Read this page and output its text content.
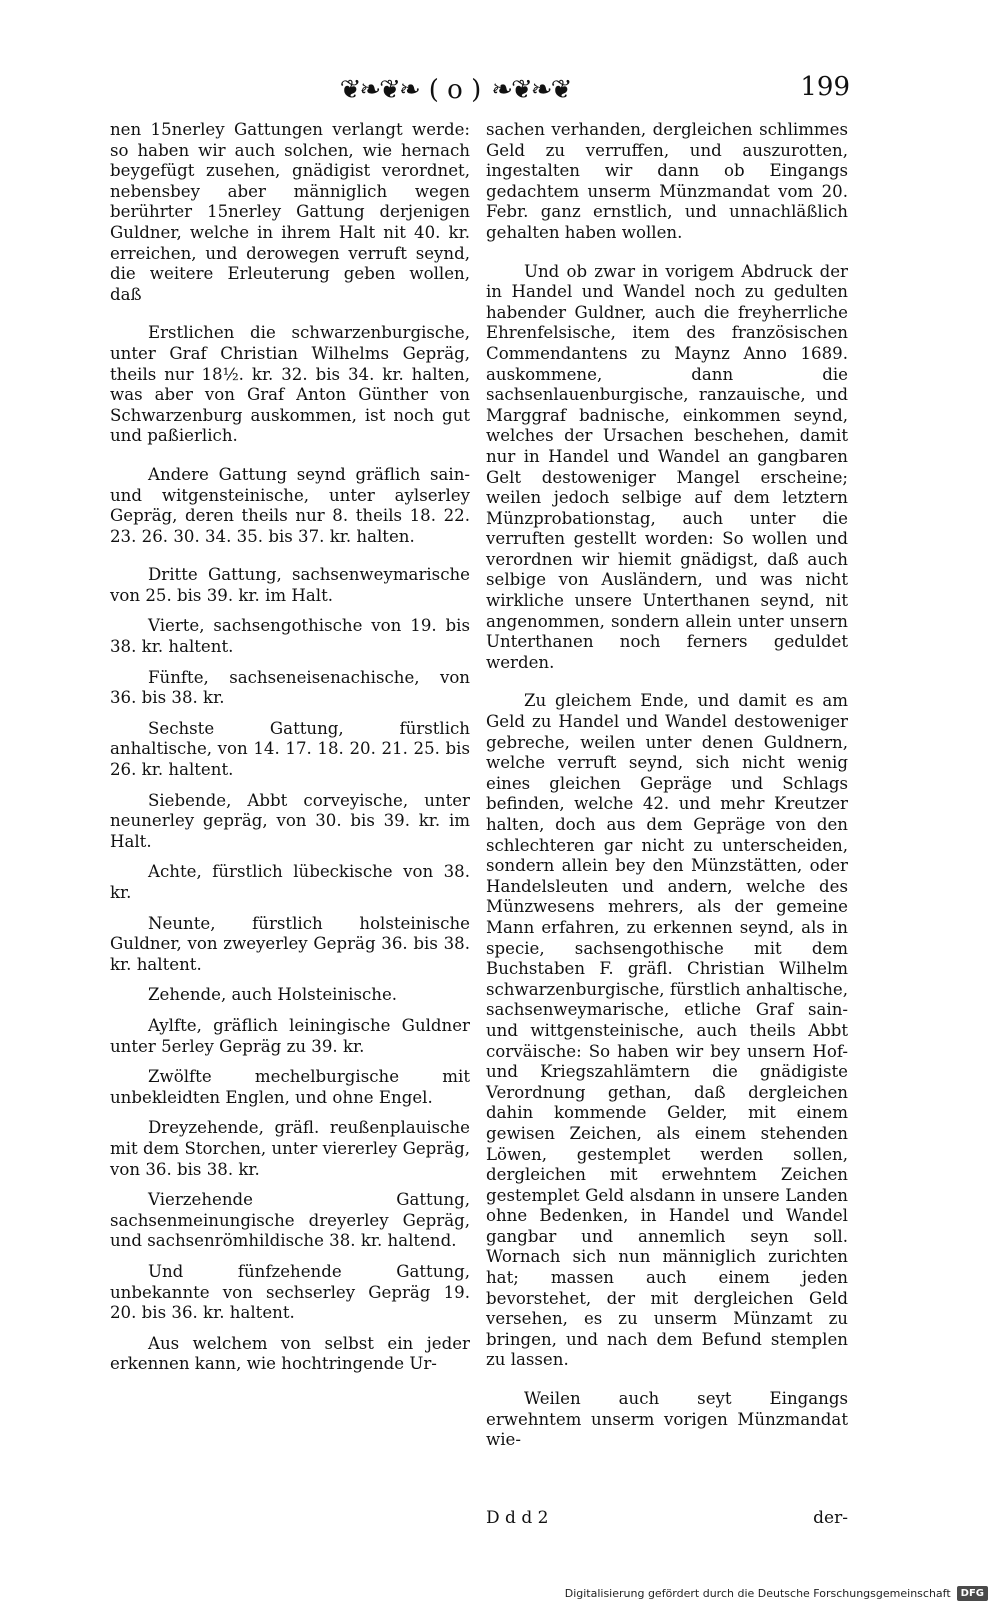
❦❧❦❧ ( o ) ❧❦❧❦	199

nen 15nerley Gattungen verlangt werde: so haben wir auch solchen, wie hernach beygefügt zusehen, gnädigist verordnet, nebensbey aber männiglich wegen berührter 15nerley Gattung derjenigen Guldner, welche in ihrem Halt nit 40. kr. erreichen, und derowegen verruft seynd, die weitere Erleuterung geben wollen, daß

Erstlichen die schwarzenburgische, unter Graf Christian Wilhelms Gepräg, theils nur 18½. kr. 32. bis 34. kr. halten, was aber von Graf Anton Günther von Schwarzenburg auskommen, ist noch gut und paßierlich.

Andere Gattung seynd gräflich sain- und witgensteinische, unter aylserley Gepräg, deren theils nur 8. theils 18. 22. 23. 26. 30. 34. 35. bis 37. kr. halten.

Dritte Gattung, sachsenweymarische von 25. bis 39. kr. im Halt.

Vierte, sachsengothische von 19. bis 38. kr. haltent.

Fünfte, sachseneisenachische, von 36. bis 38. kr.

Sechste Gattung, fürstlich anhaltische, von 14. 17. 18. 20. 21. 25. bis 26. kr. haltent.

Siebende, Abbt corveyische, unter neunerley gepräg, von 30. bis 39. kr. im Halt.

Achte, fürstlich lübeckische von 38. kr.

Neunte, fürstlich holsteinische Guldner, von zweyerley Gepräg 36. bis 38. kr. haltent.

Zehende, auch Holsteinische.

Aylfte, gräflich leiningische Guldner unter 5erley Gepräg zu 39. kr.

Zwölfte mechelburgische mit unbekleidten Englen, und ohne Engel.

Dreyzehende, gräfl. reußenplauische mit dem Storchen, unter viererley Gepräg, von 36. bis 38. kr.

Vierzehende Gattung, sachsenmeinungische dreyerley Gepräg, und sachsenrömhildische 38. kr. haltend.

Und fünfzehende Gattung, unbekannte von sechserley Gepräg 19. 20. bis 36. kr. haltent.

Aus welchem von selbst ein jeder erkennen kann, wie hochtringende Ur-

sachen verhanden, dergleichen schlimmes Geld zu verruffen, und auszurotten, ingestalten wir dann ob Eingangs gedachtem unserm Münzmandat vom 20. Febr. ganz ernstlich, und unnachläßlich gehalten haben wollen.

Und ob zwar in vorigem Abdruck der in Handel und Wandel noch zu gedulten habender Guldner, auch die freyherrliche Ehrenfelsische, item des französischen Commendantens zu Maynz Anno 1689. auskommene, dann die sachsenlauenburgische, ranzauische, und Marggraf badnische, einkommen seynd, welches der Ursachen beschehen, damit nur in Handel und Wandel an gangbaren Gelt destoweniger Mangel erscheine; weilen jedoch selbige auf dem letztern Münzprobationstag, auch unter die verruften gestellt worden: So wollen und verordnen wir hiemit gnädigst, daß auch selbige von Ausländern, und was nicht wirkliche unsere Unterthanen seynd, nit angenommen, sondern allein unter unsern Unterthanen noch ferners geduldet werden.

Zu gleichem Ende, und damit es am Geld zu Handel und Wandel destoweniger gebreche, weilen unter denen Guldnern, welche verruft seynd, sich nicht wenig eines gleichen Gepräge und Schlags befinden, welche 42. und mehr Kreutzer halten, doch aus dem Gepräge von den schlechteren gar nicht zu unterscheiden, sondern allein bey den Münzstätten, oder Handelsleuten und andern, welche des Münzwesens mehrers, als der gemeine Mann erfahren, zu erkennen seynd, als in specie, sachsengothische mit dem Buchstaben F. gräfl. Christian Wilhelm schwarzenburgische, fürstlich anhaltische, sachsenweymarische, etliche Graf sain- und wittgensteinische, auch theils Abbt corväische: So haben wir bey unsern Hof- und Kriegszahlämtern die gnädigiste Verordnung gethan, daß dergleichen dahin kommende Gelder, mit einem gewisen Zeichen, als einem stehenden Löwen, gestemplet werden sollen, dergleichen mit erwehntem Zeichen gestemplet Geld alsdann in unsere Landen ohne Bedenken, in Handel und Wandel gangbar und annemlich seyn soll. Wornach sich nun männiglich zurichten hat; massen auch einem jeden bevorstehet, der mit dergleichen Geld versehen, es zu unserm Münzamt zu bringen, und nach dem Befund stemplen zu lassen.

Weilen auch seyt Eingangs erwehntem unserm vorigen Münzmandat wie-

D d d 2	der-
Digitalisierung gefördert durch die Deutsche Forschungsgemeinschaft	DFG
